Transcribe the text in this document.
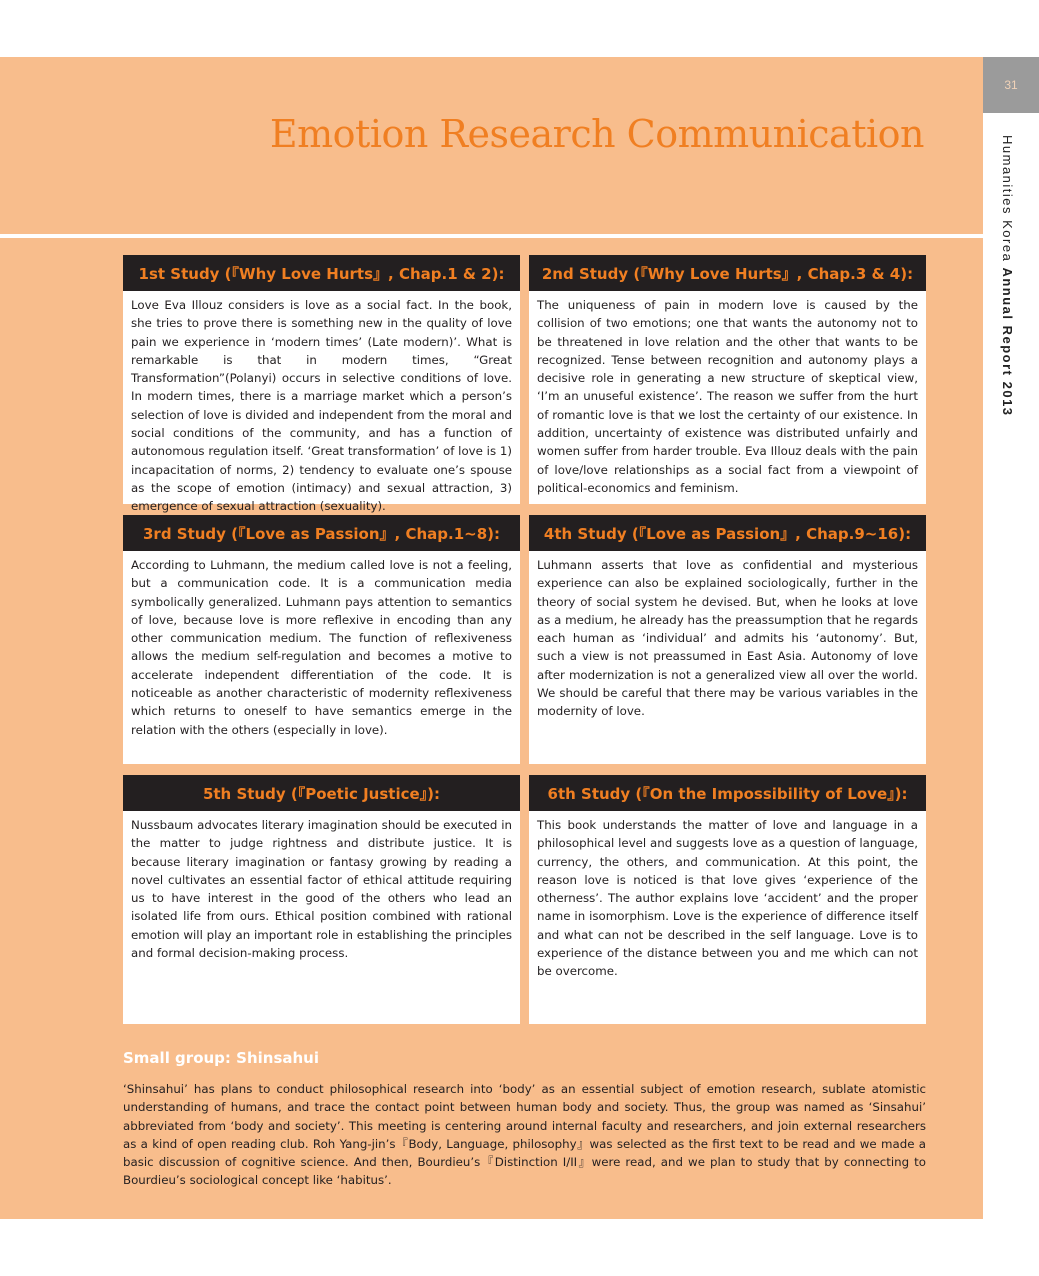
31
Humanities Korea Annual Report 2013
Emotion Research Communication
1st Study (『Why Love Hurts』, Chap.1 & 2):
Love Eva Illouz considers is love as a social fact. In the book, she tries to prove there is something new in the quality of love pain we experience in ‘modern times’ (Late modern)’. What is remarkable is that in modern times, “Great Transformation”(Polanyi) occurs in selective conditions of love. In modern times, there is a marriage market which a person’s selection of love is divided and independent from the moral and social conditions of the community, and has a function of autonomous regulation itself. ‘Great transformation’ of love is 1) incapacitation of norms, 2) tendency to evaluate one’s spouse as the scope of emotion (intimacy) and sexual attraction, 3) emergence of sexual attraction (sexuality).
2nd Study (『Why Love Hurts』, Chap.3 & 4):
The uniqueness of pain in modern love is caused by the collision of two emotions; one that wants the autonomy not to be threatened in love relation and the other that wants to be recognized. Tense between recognition and autonomy plays a decisive role in generating a new structure of skeptical view, ‘I’m an unuseful existence’. The reason we suffer from the hurt of romantic love is that we lost the certainty of our existence. In addition, uncertainty of existence was distributed unfairly and women suffer from harder trouble. Eva Illouz deals with the pain of love/love relationships as a social fact from a viewpoint of political-economics and feminism.
3rd Study (『Love as Passion』, Chap.1~8):
According to Luhmann, the medium called love is not a feeling, but a communication code. It is a communication media symbolically generalized. Luhmann pays attention to semantics of love, because love is more reflexive in encoding than any other communication medium. The function of reflexiveness allows the medium self-regulation and becomes a motive to accelerate independent differentiation of the code. It is noticeable as another characteristic of modernity reflexiveness which returns to oneself to have semantics emerge in the relation with the others (especially in love).
4th Study (『Love as Passion』, Chap.9~16):
Luhmann asserts that love as confidential and mysterious experience can also be explained sociologically, further in the theory of social system he devised. But, when he looks at love as a medium, he already has the preassumption that he regards each human as ‘individual’ and admits his ‘autonomy’. But, such a view is not preassumed in East Asia. Autonomy of love after modernization is not a generalized view all over the world. We should be careful that there may be various variables in the modernity of love.
5th Study (『Poetic Justice』):
Nussbaum advocates literary imagination should be executed in the matter to judge rightness and distribute justice. It is because literary imagination or fantasy growing by reading a novel cultivates an essential factor of ethical attitude requiring us to have interest in the good of the others who lead an isolated life from ours. Ethical position combined with rational emotion will play an important role in establishing the principles and formal decision-making process.
6th Study (『On the Impossibility of Love』):
This book understands the matter of love and language in a philosophical level and suggests love as a question of language, currency, the others, and communication. At this point, the reason love is noticed is that love gives ‘experience of the otherness’. The author explains love ‘accident’ and the proper name in isomorphism. Love is the experience of difference itself and what can not be described in the self language. Love is to experience of the distance between you and me which can not be overcome.
Small group: Shinsahui

‘Shinsahui’ has plans to conduct philosophical research into ‘body’ as an essential subject of emotion research, sublate atomistic understanding of humans, and trace the contact point between human body and society. Thus, the group was named as ‘Sinsahui’ abbreviated from ‘body and society’. This meeting is centering around internal faculty and researchers, and join external researchers as a kind of open reading club. Roh Yang-jin’s『Body, Language, philosophy』was selected as the first text to be read and we made a basic discussion of cognitive science. And then, Bourdieu’s『Distinction I/II』were read, and we plan to study that by connecting to Bourdieu’s sociological concept like ‘habitus’.
